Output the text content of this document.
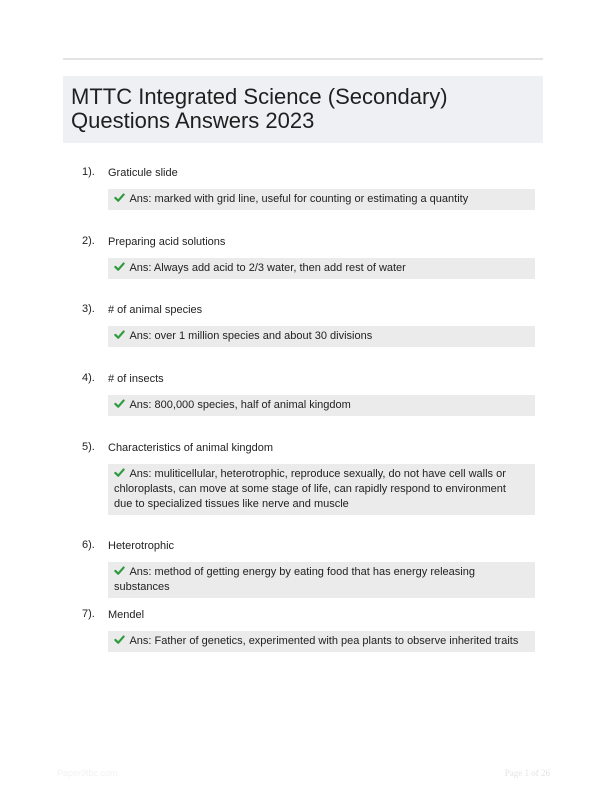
MTTC Integrated Science (Secondary) Questions Answers 2023
1). Graticule slide
Ans: marked with grid line, useful for counting or estimating a quantity
2). Preparing acid solutions
Ans: Always add acid to 2/3 water, then add rest of water
3). # of animal species
Ans: over 1 million species and about 30 divisions
4). # of insects
Ans: 800,000 species, half of animal kingdom
5). Characteristics of animal kingdom
Ans: muliticellular, heterotrophic, reproduce sexually, do not have cell walls or chloroplasts, can move at some stage of life, can rapidly respond to environment due to specialized tissues like nerve and muscle
6). Heterotrophic
Ans: method of getting energy by eating food that has energy releasing substances
7). Mendel
Ans: Father of genetics, experimented with pea plants to observe inherited traits
Paper9tbc.com	Page 1 of 26
